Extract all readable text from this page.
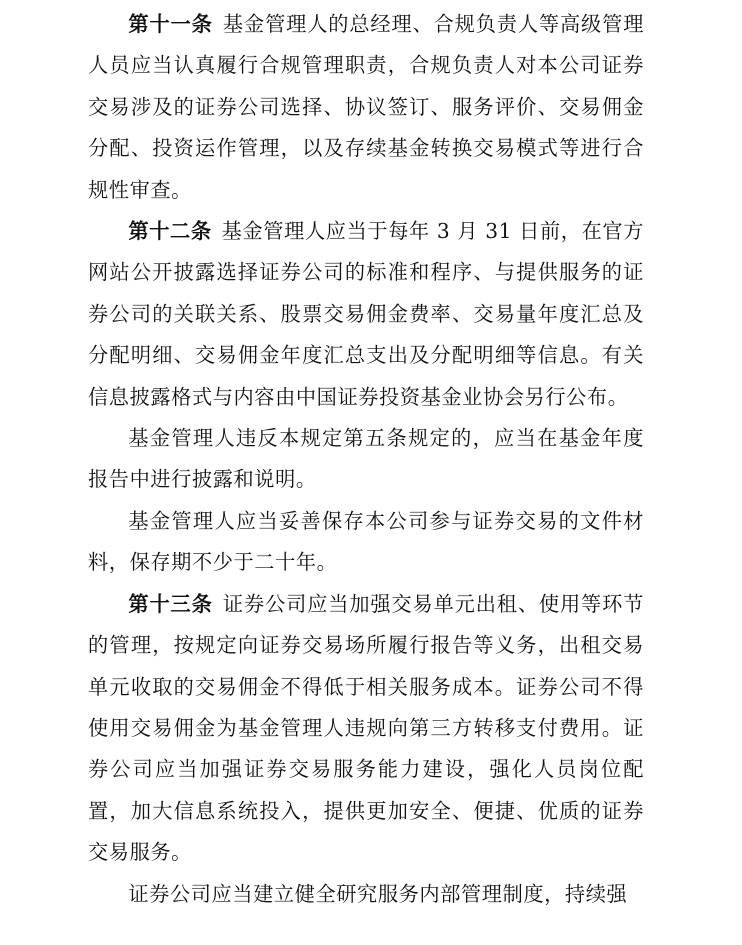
第十一条 基金管理人的总经理、合规负责人等高级管理人员应当认真履行合规管理职责，合规负责人对本公司证券交易涉及的证券公司选择、协议签订、服务评价、交易佣金分配、投资运作管理，以及存续基金转换交易模式等进行合规性审查。

第十二条 基金管理人应当于每年 3 月 31 日前，在官方网站公开披露选择证券公司的标准和程序、与提供服务的证券公司的关联关系、股票交易佣金费率、交易量年度汇总及分配明细、交易佣金年度汇总支出及分配明细等信息。有关信息披露格式与内容由中国证券投资基金业协会另行公布。

基金管理人违反本规定第五条规定的，应当在基金年度报告中进行披露和说明。

基金管理人应当妥善保存本公司参与证券交易的文件材料，保存期不少于二十年。

第十三条 证券公司应当加强交易单元出租、使用等环节的管理，按规定向证券交易场所履行报告等义务，出租交易单元收取的交易佣金不得低于相关服务成本。证券公司不得使用交易佣金为基金管理人违规向第三方转移支付费用。证券公司应当加强证券交易服务能力建设，强化人员岗位配置，加大信息系统投入，提供更加安全、便捷、优质的证券交易服务。

证券公司应当建立健全研究服务内部管理制度，持续强
